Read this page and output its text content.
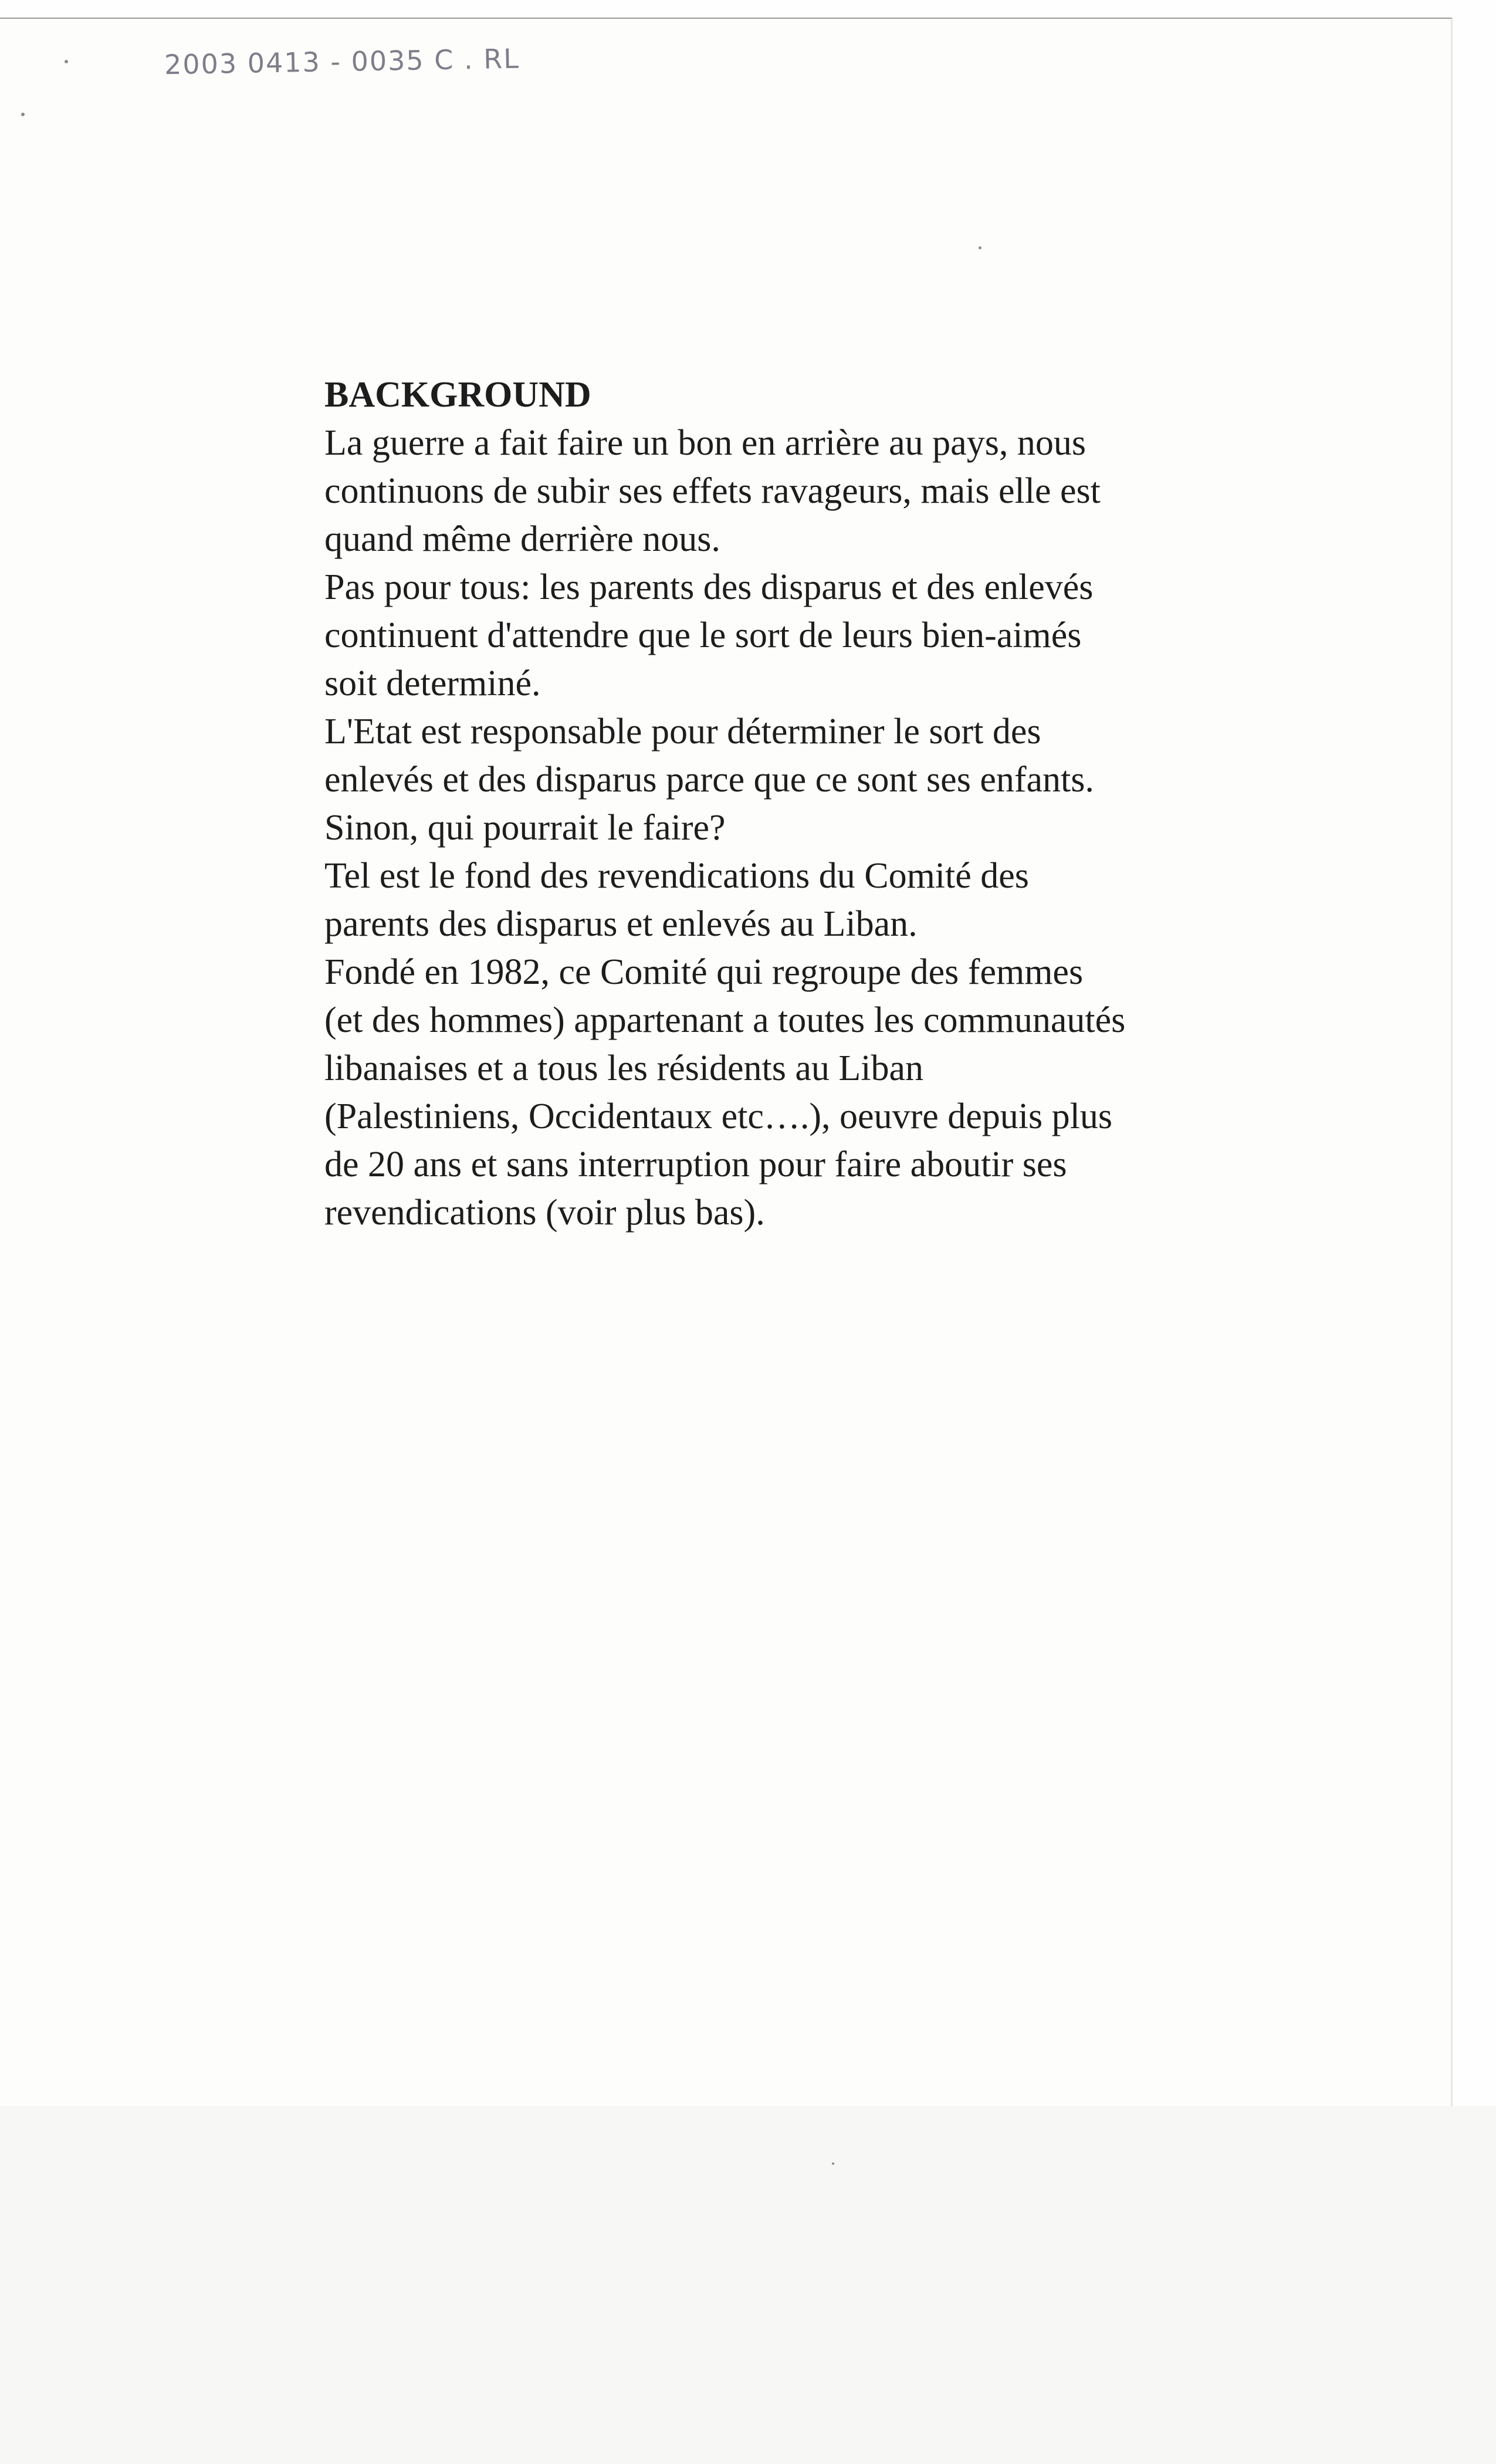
2003 0413 - 0035 C . RL
BACKGROUND

La guerre a fait faire un bon en arrière au pays, nous
continuons de subir ses effets ravageurs, mais elle est
quand même derrière nous.

Pas pour tous: les parents des disparus et des enlevés
continuent d'attendre que le sort de leurs bien-aimés
soit determiné.

L'Etat est responsable pour déterminer le sort des
enlevés et des disparus parce que ce sont ses enfants.
Sinon, qui pourrait le faire?

Tel est le fond des revendications du Comité des
parents des disparus et enlevés au Liban.

Fondé en 1982, ce Comité qui regroupe des femmes
(et des hommes) appartenant a toutes les communautés
libanaises et a tous les résidents au Liban
(Palestiniens, Occidentaux etc….), oeuvre depuis plus
de 20 ans et sans interruption pour faire aboutir ses
revendications (voir plus bas).
